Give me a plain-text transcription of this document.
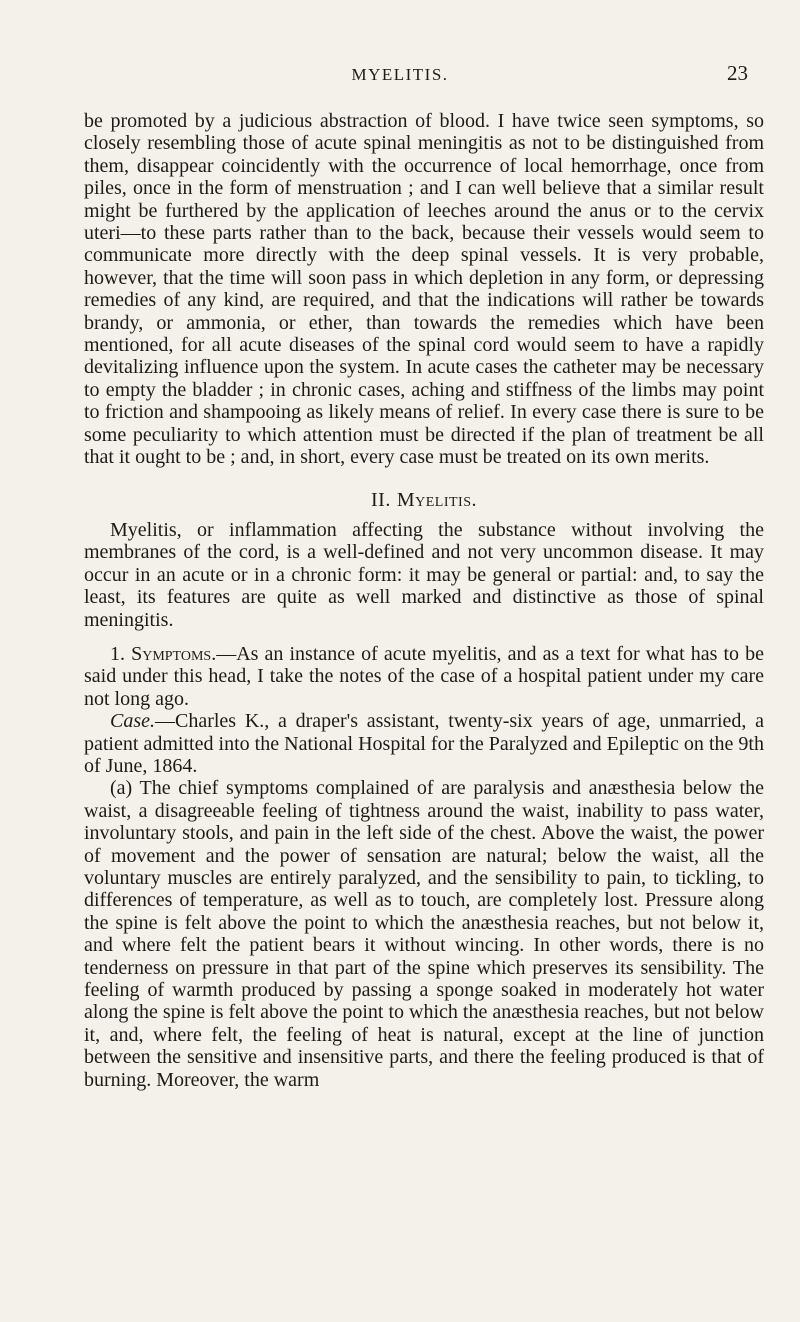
MYELITIS.	23

be promoted by a judicious abstraction of blood. I have twice seen symptoms, so closely resembling those of acute spinal meningitis as not to be distinguished from them, disappear coincidently with the occurrence of local hemorrhage, once from piles, once in the form of menstruation ; and I can well believe that a similar result might be furthered by the application of leeches around the anus or to the cervix uteri—to these parts rather than to the back, because their vessels would seem to communicate more directly with the deep spinal vessels. It is very probable, however, that the time will soon pass in which depletion in any form, or depressing remedies of any kind, are required, and that the indications will rather be towards brandy, or ammonia, or ether, than towards the remedies which have been mentioned, for all acute diseases of the spinal cord would seem to have a rapidly devitalizing influence upon the system. In acute cases the catheter may be necessary to empty the bladder ; in chronic cases, aching and stiffness of the limbs may point to friction and shampooing as likely means of relief. In every case there is sure to be some peculiarity to which attention must be directed if the plan of treatment be all that it ought to be ; and, in short, every case must be treated on its own merits.

II. Myelitis.

Myelitis, or inflammation affecting the substance without involving the membranes of the cord, is a well-defined and not very uncommon disease. It may occur in an acute or in a chronic form: it may be general or partial: and, to say the least, its features are quite as well marked and distinctive as those of spinal meningitis.

1. Symptoms.—As an instance of acute myelitis, and as a text for what has to be said under this head, I take the notes of the case of a hospital patient under my care not long ago.

Case.—Charles K., a draper's assistant, twenty-six years of age, unmarried, a patient admitted into the National Hospital for the Paralyzed and Epileptic on the 9th of June, 1864.

(a) The chief symptoms complained of are paralysis and anæsthesia below the waist, a disagreeable feeling of tightness around the waist, inability to pass water, involuntary stools, and pain in the left side of the chest. Above the waist, the power of movement and the power of sensation are natural; below the waist, all the voluntary muscles are entirely paralyzed, and the sensibility to pain, to tickling, to differences of temperature, as well as to touch, are completely lost. Pressure along the spine is felt above the point to which the anæsthesia reaches, but not below it, and where felt the patient bears it without wincing. In other words, there is no tenderness on pressure in that part of the spine which preserves its sensibility. The feeling of warmth produced by passing a sponge soaked in moderately hot water along the spine is felt above the point to which the anæsthesia reaches, but not below it, and, where felt, the feeling of heat is natural, except at the line of junction between the sensitive and insensitive parts, and there the feeling produced is that of burning. Moreover, the warm
